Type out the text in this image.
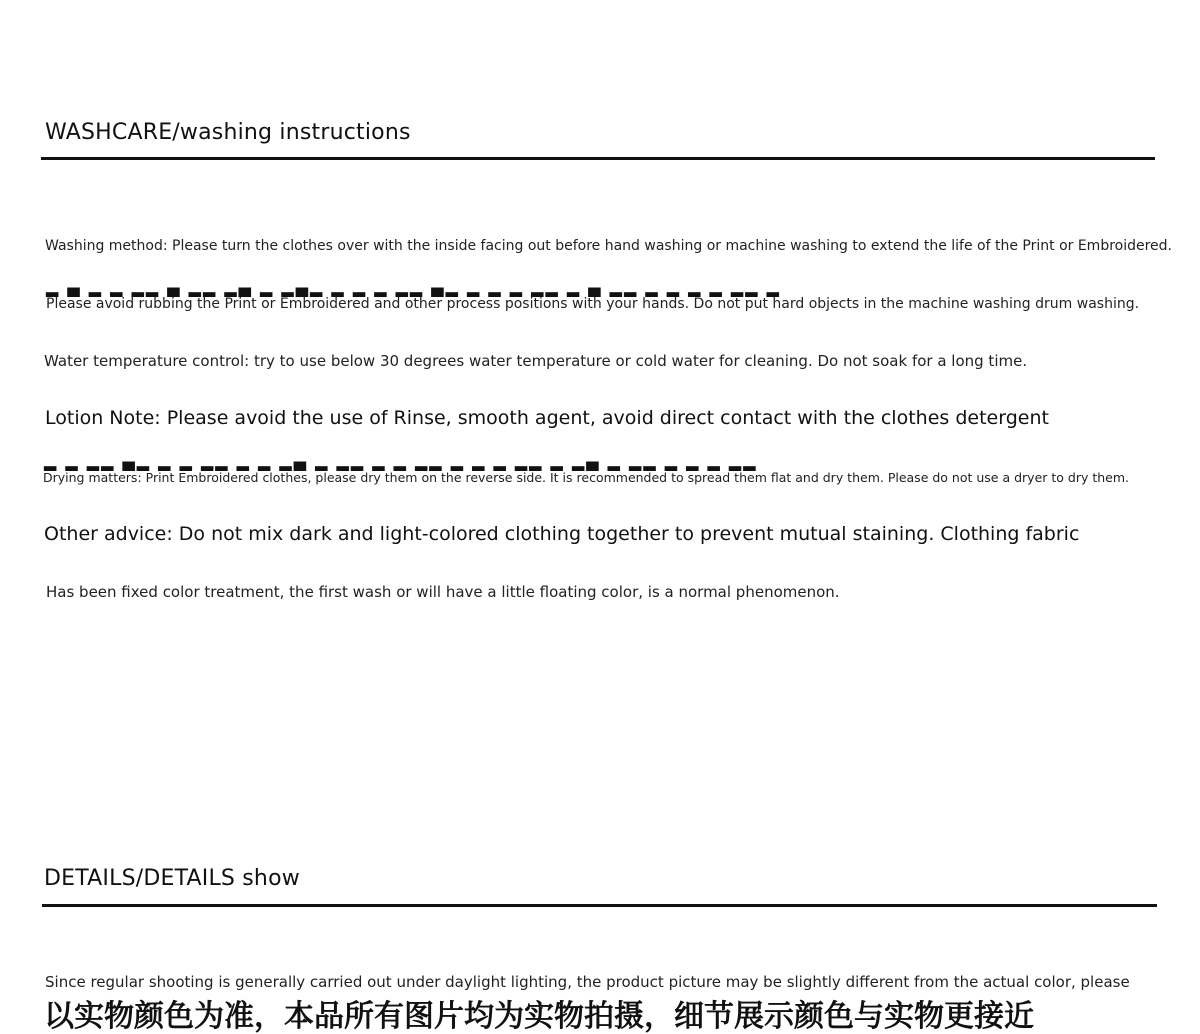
WASHCARE/washing instructions
Washing method: Please turn the clothes over with the inside facing out before hand washing or machine washing to extend the life of the Print or Embroidered.
▂ ▄ ▂ ▂ ▂▂ ▄ ▂▂ ▂▄ ▂ ▂▄▂ ▂ ▂ ▂ ▂▂ ▄▂ ▂ ▂ ▂ ▂▂ ▂ ▄ ▂▂ ▂ ▂ ▂ ▂ ▂▂ ▂
Please avoid rubbing the Print or Embroidered and other process positions with your hands. Do not put hard objects in the machine washing drum washing.
Water temperature control: try to use below 30 degrees water temperature or cold water for cleaning. Do not soak for a long time.
Lotion Note: Please avoid the use of Rinse, smooth agent, avoid direct contact with the clothes detergent
▂ ▂ ▂▂ ▄▂ ▂ ▂ ▂▂ ▂ ▂ ▂▄ ▂ ▂▂ ▂ ▂ ▂▂ ▂ ▂ ▂ ▂▂ ▂ ▂▄ ▂ ▂▂ ▂ ▂ ▂ ▂▂
Drying matters: Print Embroidered clothes, please dry them on the reverse side. It is recommended to spread them flat and dry them. Please do not use a dryer to dry them.
Other advice: Do not mix dark and light-colored clothing together to prevent mutual staining. Clothing fabric
Has been fixed color treatment, the first wash or will have a little floating color, is a normal phenomenon.
DETAILS/DETAILS show
Since regular shooting is generally carried out under daylight lighting, the product picture may be slightly different from the actual color, please
以实物颜色为准，本品所有图片均为实物拍摄，细节展示颜色与实物更接近
